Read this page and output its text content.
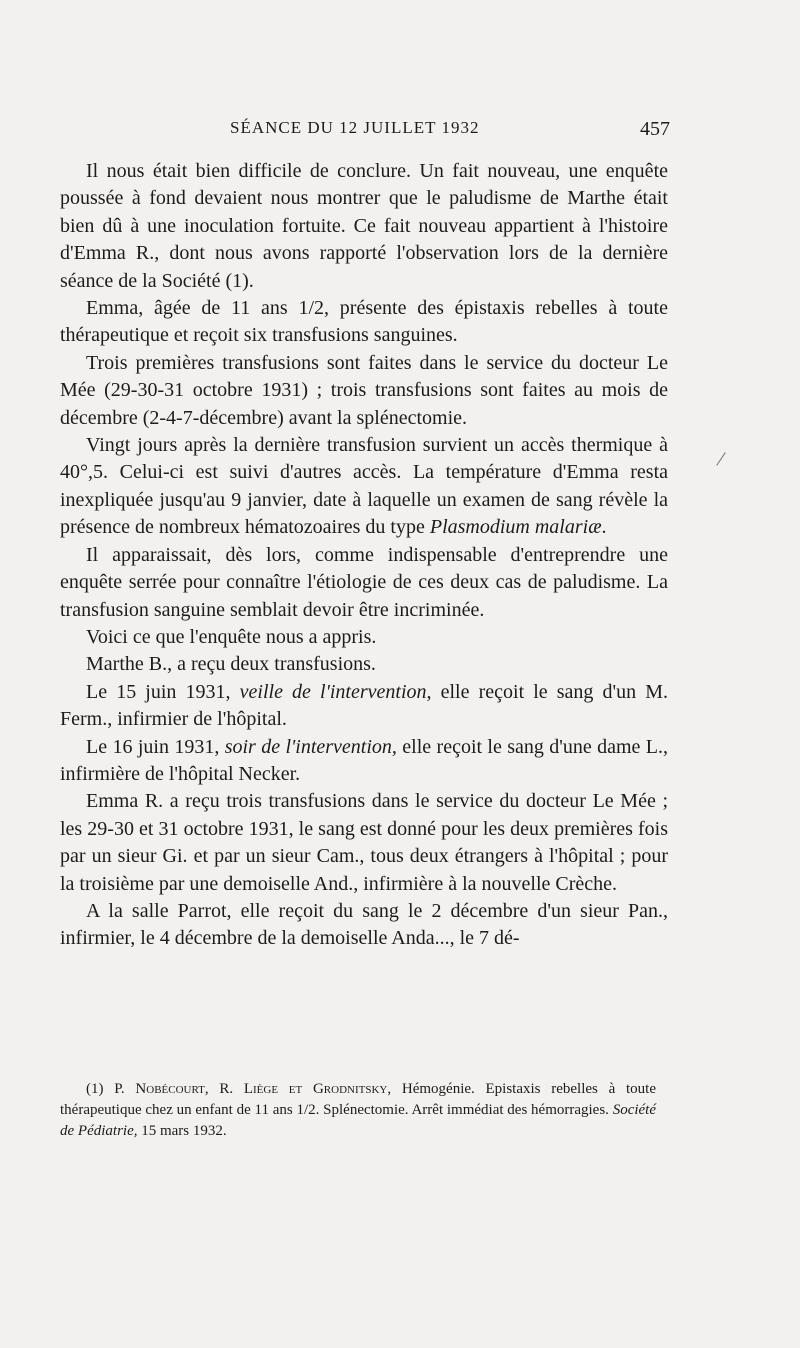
SÉANCE DU 12 JUILLET 1932	457

Il nous était bien difficile de conclure. Un fait nouveau, une enquête poussée à fond devaient nous montrer que le paludisme de Marthe était bien dû à une inoculation fortuite. Ce fait nouveau appartient à l'histoire d'Emma R., dont nous avons rapporté l'observation lors de la dernière séance de la Société (1).

Emma, âgée de 11 ans 1/2, présente des épistaxis rebelles à toute thérapeutique et reçoit six transfusions sanguines.

Trois premières transfusions sont faites dans le service du docteur Le Mée (29-30-31 octobre 1931) ; trois transfusions sont faites au mois de décembre (2-4-7-décembre) avant la splénectomie.

Vingt jours après la dernière transfusion survient un accès thermique à 40°,5. Celui-ci est suivi d'autres accès. La température d'Emma resta inexpliquée jusqu'au 9 janvier, date à laquelle un examen de sang révèle la présence de nombreux hématozoaires du type Plasmodium malariæ.

Il apparaissait, dès lors, comme indispensable d'entreprendre une enquête serrée pour connaître l'étiologie de ces deux cas de paludisme. La transfusion sanguine semblait devoir être incriminée.

Voici ce que l'enquête nous a appris.

Marthe B., a reçu deux transfusions.

Le 15 juin 1931, veille de l'intervention, elle reçoit le sang d'un M. Ferm., infirmier de l'hôpital.

Le 16 juin 1931, soir de l'intervention, elle reçoit le sang d'une dame L., infirmière de l'hôpital Necker.

Emma R. a reçu trois transfusions dans le service du docteur Le Mée ; les 29-30 et 31 octobre 1931, le sang est donné pour les deux premières fois par un sieur Gi. et par un sieur Cam., tous deux étrangers à l'hôpital ; pour la troisième par une demoiselle And., infirmière à la nouvelle Crèche.

A la salle Parrot, elle reçoit du sang le 2 décembre d'un sieur Pan., infirmier, le 4 décembre de la demoiselle Anda..., le 7 dé-

(1) P. Nobécourt, R. Liège et Grodnitsky, Hémogénie. Epistaxis rebelles à toute thérapeutique chez un enfant de 11 ans 1/2. Splénectomie. Arrêt immédiat des hémorragies. Société de Pédiatrie, 15 mars 1932.

/
